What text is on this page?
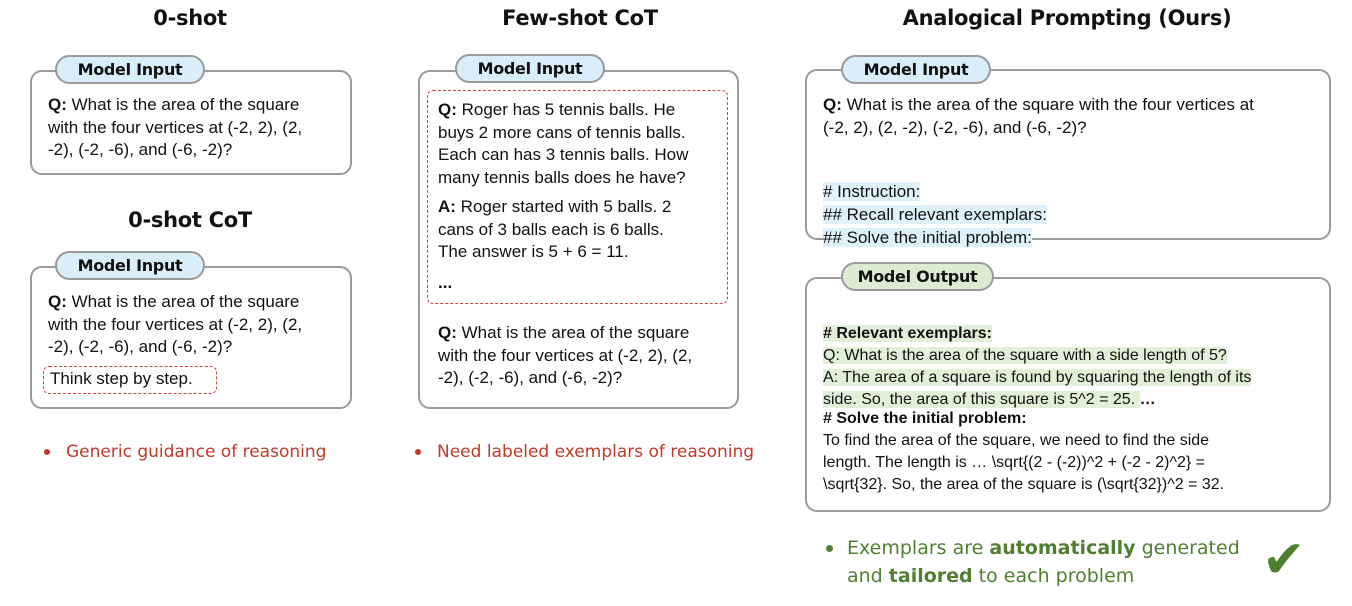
0-shot
Model Input
Q: What is the area of the square
with the four vertices at (-2, 2), (2,
-2), (-2, -6), and (-6, -2)?
0-shot CoT
Model Input
Q: What is the area of the square
with the four vertices at (-2, 2), (2,
-2), (-2, -6), and (-6, -2)?
Think step by step.
Generic guidance of reasoning
Few-shot CoT
Model Input
Q: Roger has 5 tennis balls. He
buys 2 more cans of tennis balls.
Each can has 3 tennis balls. How
many tennis balls does he have?
A: Roger started with 5 balls. 2
cans of 3 balls each is 6 balls.
The answer is 5 + 6 = 11.
...
Q: What is the area of the square
with the four vertices at (-2, 2), (2,
-2), (-2, -6), and (-6, -2)?
Need labeled exemplars of reasoning
Analogical Prompting (Ours)
Model Input
Q: What is the area of the square with the four vertices at
(-2, 2), (2, -2), (-2, -6), and (-6, -2)?

# Instruction:
## Recall relevant exemplars:
## Solve the initial problem:
Model Output

# Relevant exemplars:
Q: What is the area of the square with a side length of 5?
A: The area of a square is found by squaring the length of its
side. So, the area of this square is 5^2 = 25. …
# Solve the initial problem:
To find the area of the square, we need to find the side
length. The length is … \sqrt{(2 - (-2))^2 + (-2 - 2)^2} =
\sqrt{32}. So, the area of the square is (\sqrt{32})^2 = 32.
Exemplars are automatically generated
and tailored to each problem	✔
